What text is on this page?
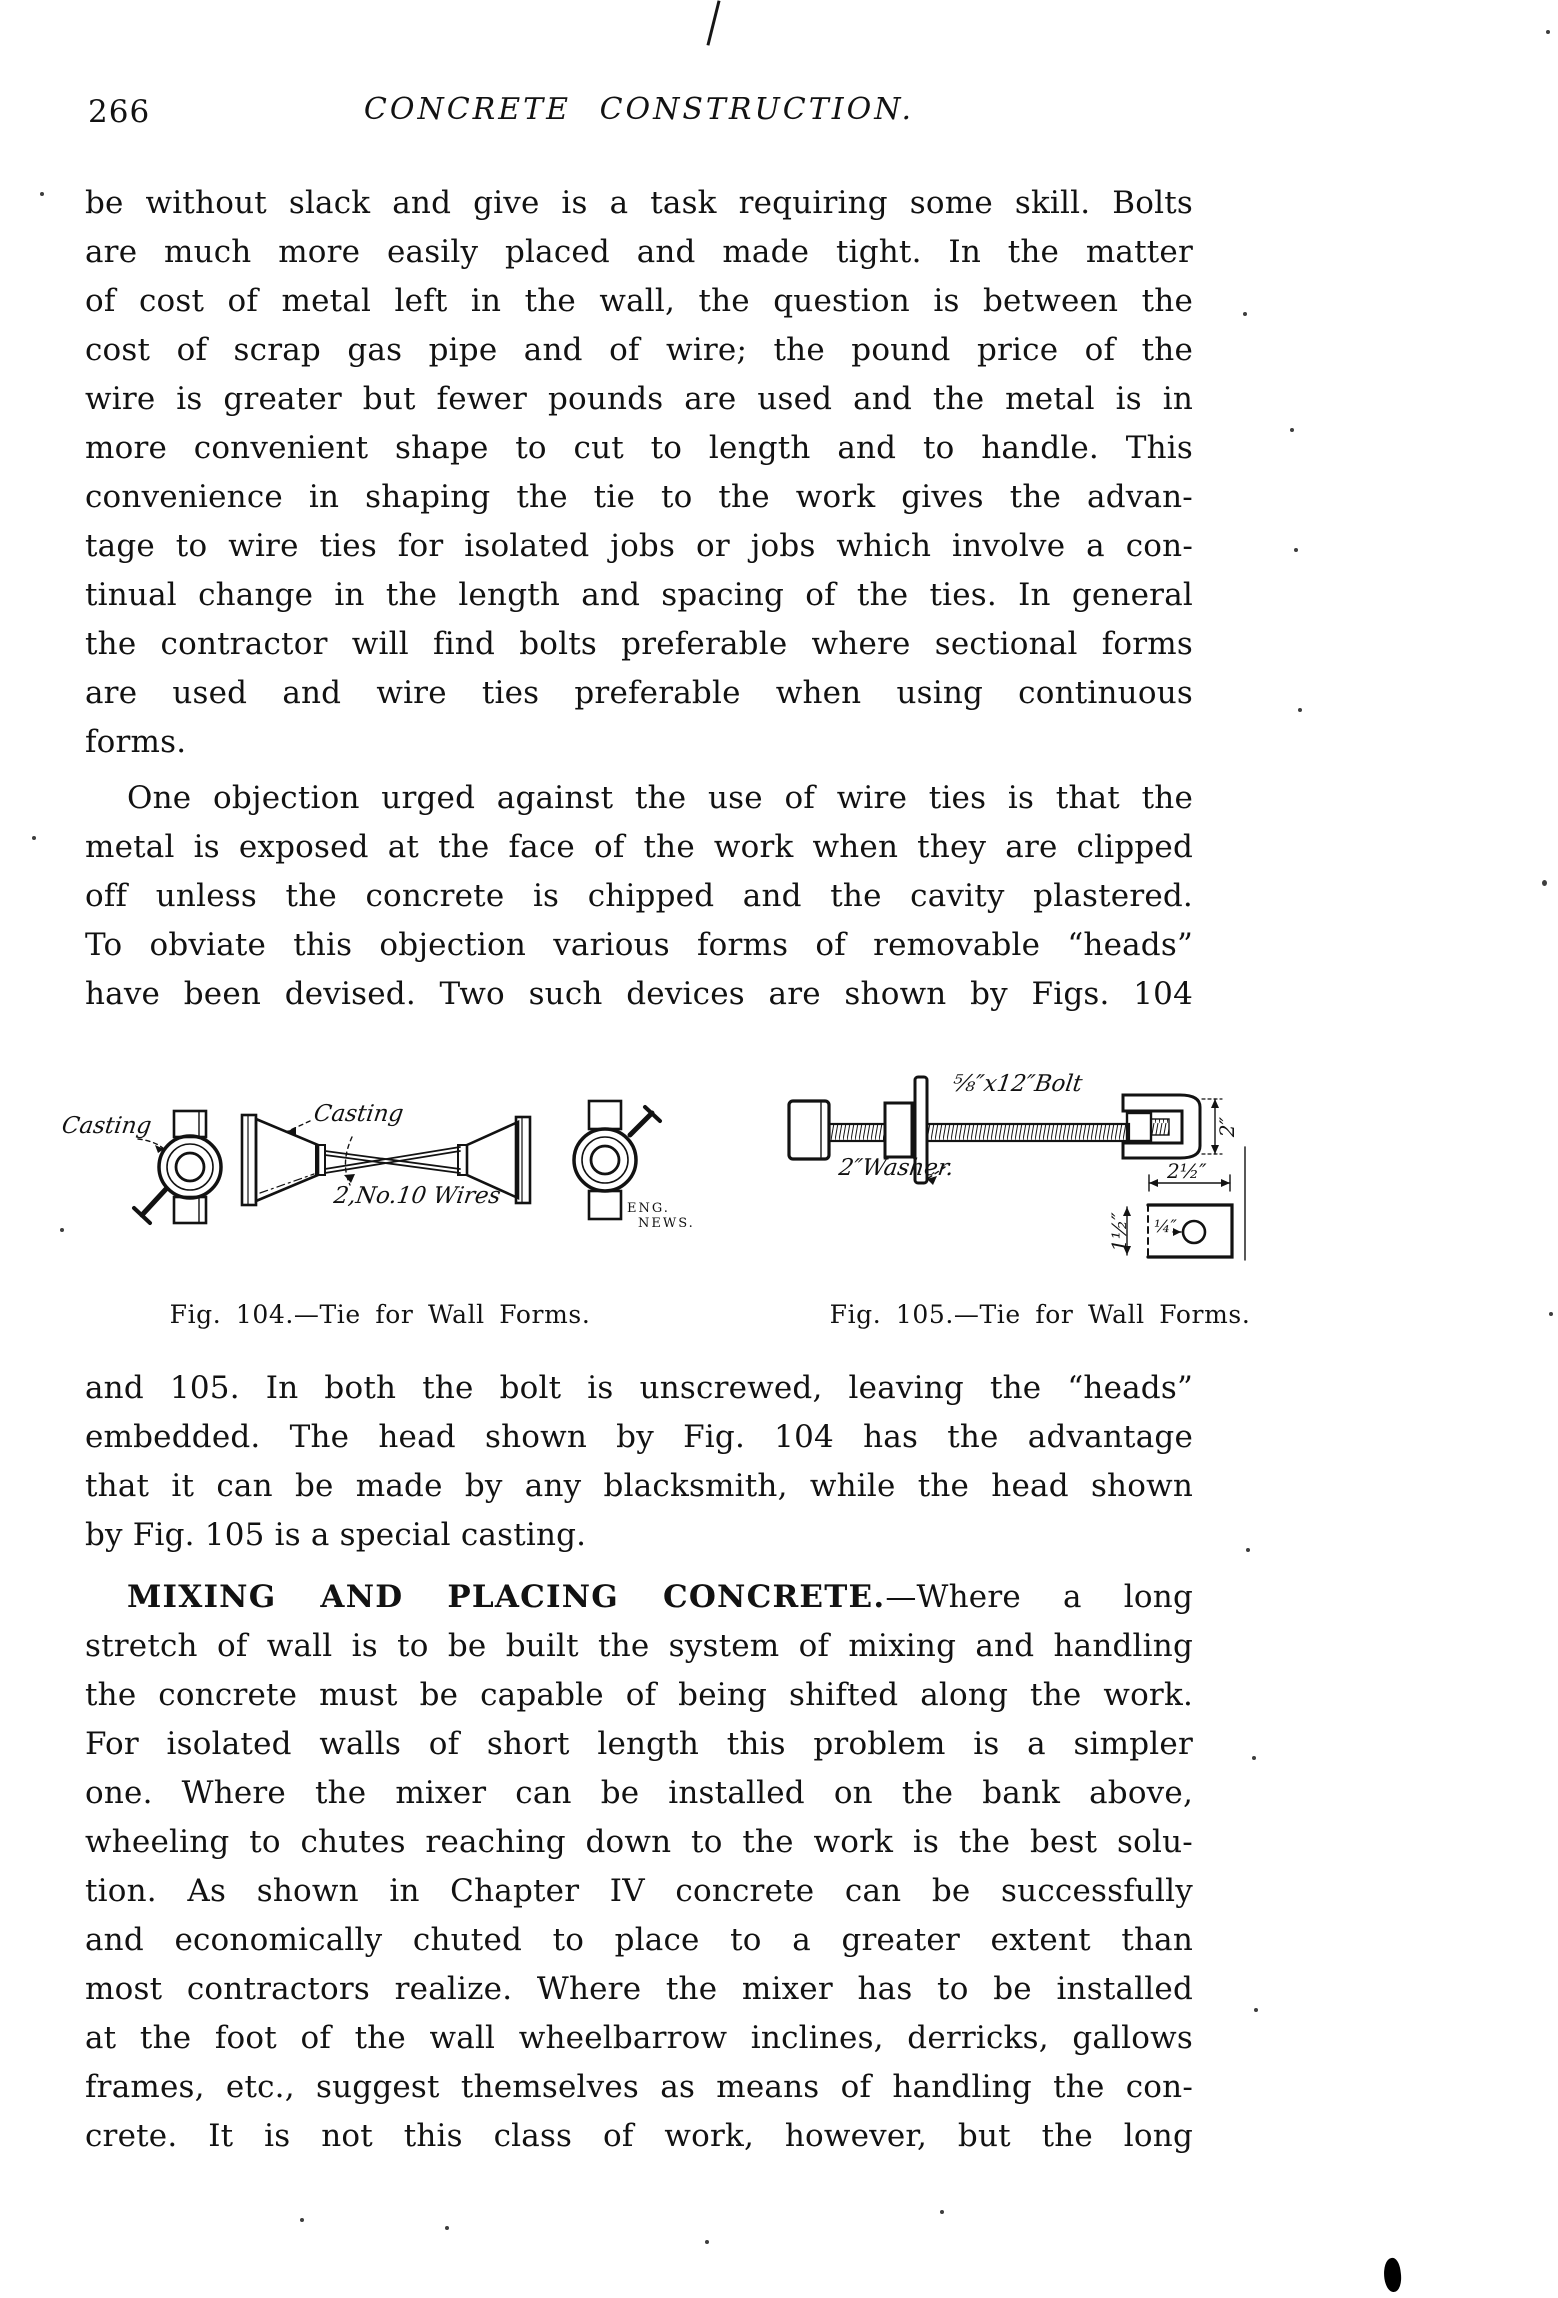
266	CONCRETE CONSTRUCTION.
be without slack and give is a task requiring some skill. Bolts
are much more easily placed and made tight. In the matter
of cost of metal left in the wall, the question is between the
cost of scrap gas pipe and of wire; the pound price of the
wire is greater but fewer pounds are used and the metal is in
more convenient shape to cut to length and to handle. This
convenience in shaping the tie to the work gives the advan-
tage to wire ties for isolated jobs or jobs which involve a con-
tinual change in the length and spacing of the ties. In general
the contractor will find bolts preferable where sectional forms
are used and wire ties preferable when using continuous
forms.
One objection urged against the use of wire ties is that the
metal is exposed at the face of the work when they are clipped
off unless the concrete is chipped and the cavity plastered.
To obviate this objection various forms of removable “heads”
have been devised. Two such devices are shown by Figs. 104
Casting	Casting
2,No.10 Wires	ENG.
NEWS.
⅝″x12″Bolt
2″Washer.
2″
2½″
1½″ ¼″
Fig. 104.—Tie for Wall Forms.	Fig. 105.—Tie for Wall Forms.
and 105. In both the bolt is unscrewed, leaving the “heads”
embedded. The head shown by Fig. 104 has the advantage
that it can be made by any blacksmith, while the head shown
by Fig. 105 is a special casting.
MIXING AND PLACING CONCRETE.—Where a long
stretch of wall is to be built the system of mixing and handling
the concrete must be capable of being shifted along the work.
For isolated walls of short length this problem is a simpler
one. Where the mixer can be installed on the bank above,
wheeling to chutes reaching down to the work is the best solu-
tion. As shown in Chapter IV concrete can be successfully
and economically chuted to place to a greater extent than
most contractors realize. Where the mixer has to be installed
at the foot of the wall wheelbarrow inclines, derricks, gallows
frames, etc., suggest themselves as means of handling the con-
crete. It is not this class of work, however, but the long
